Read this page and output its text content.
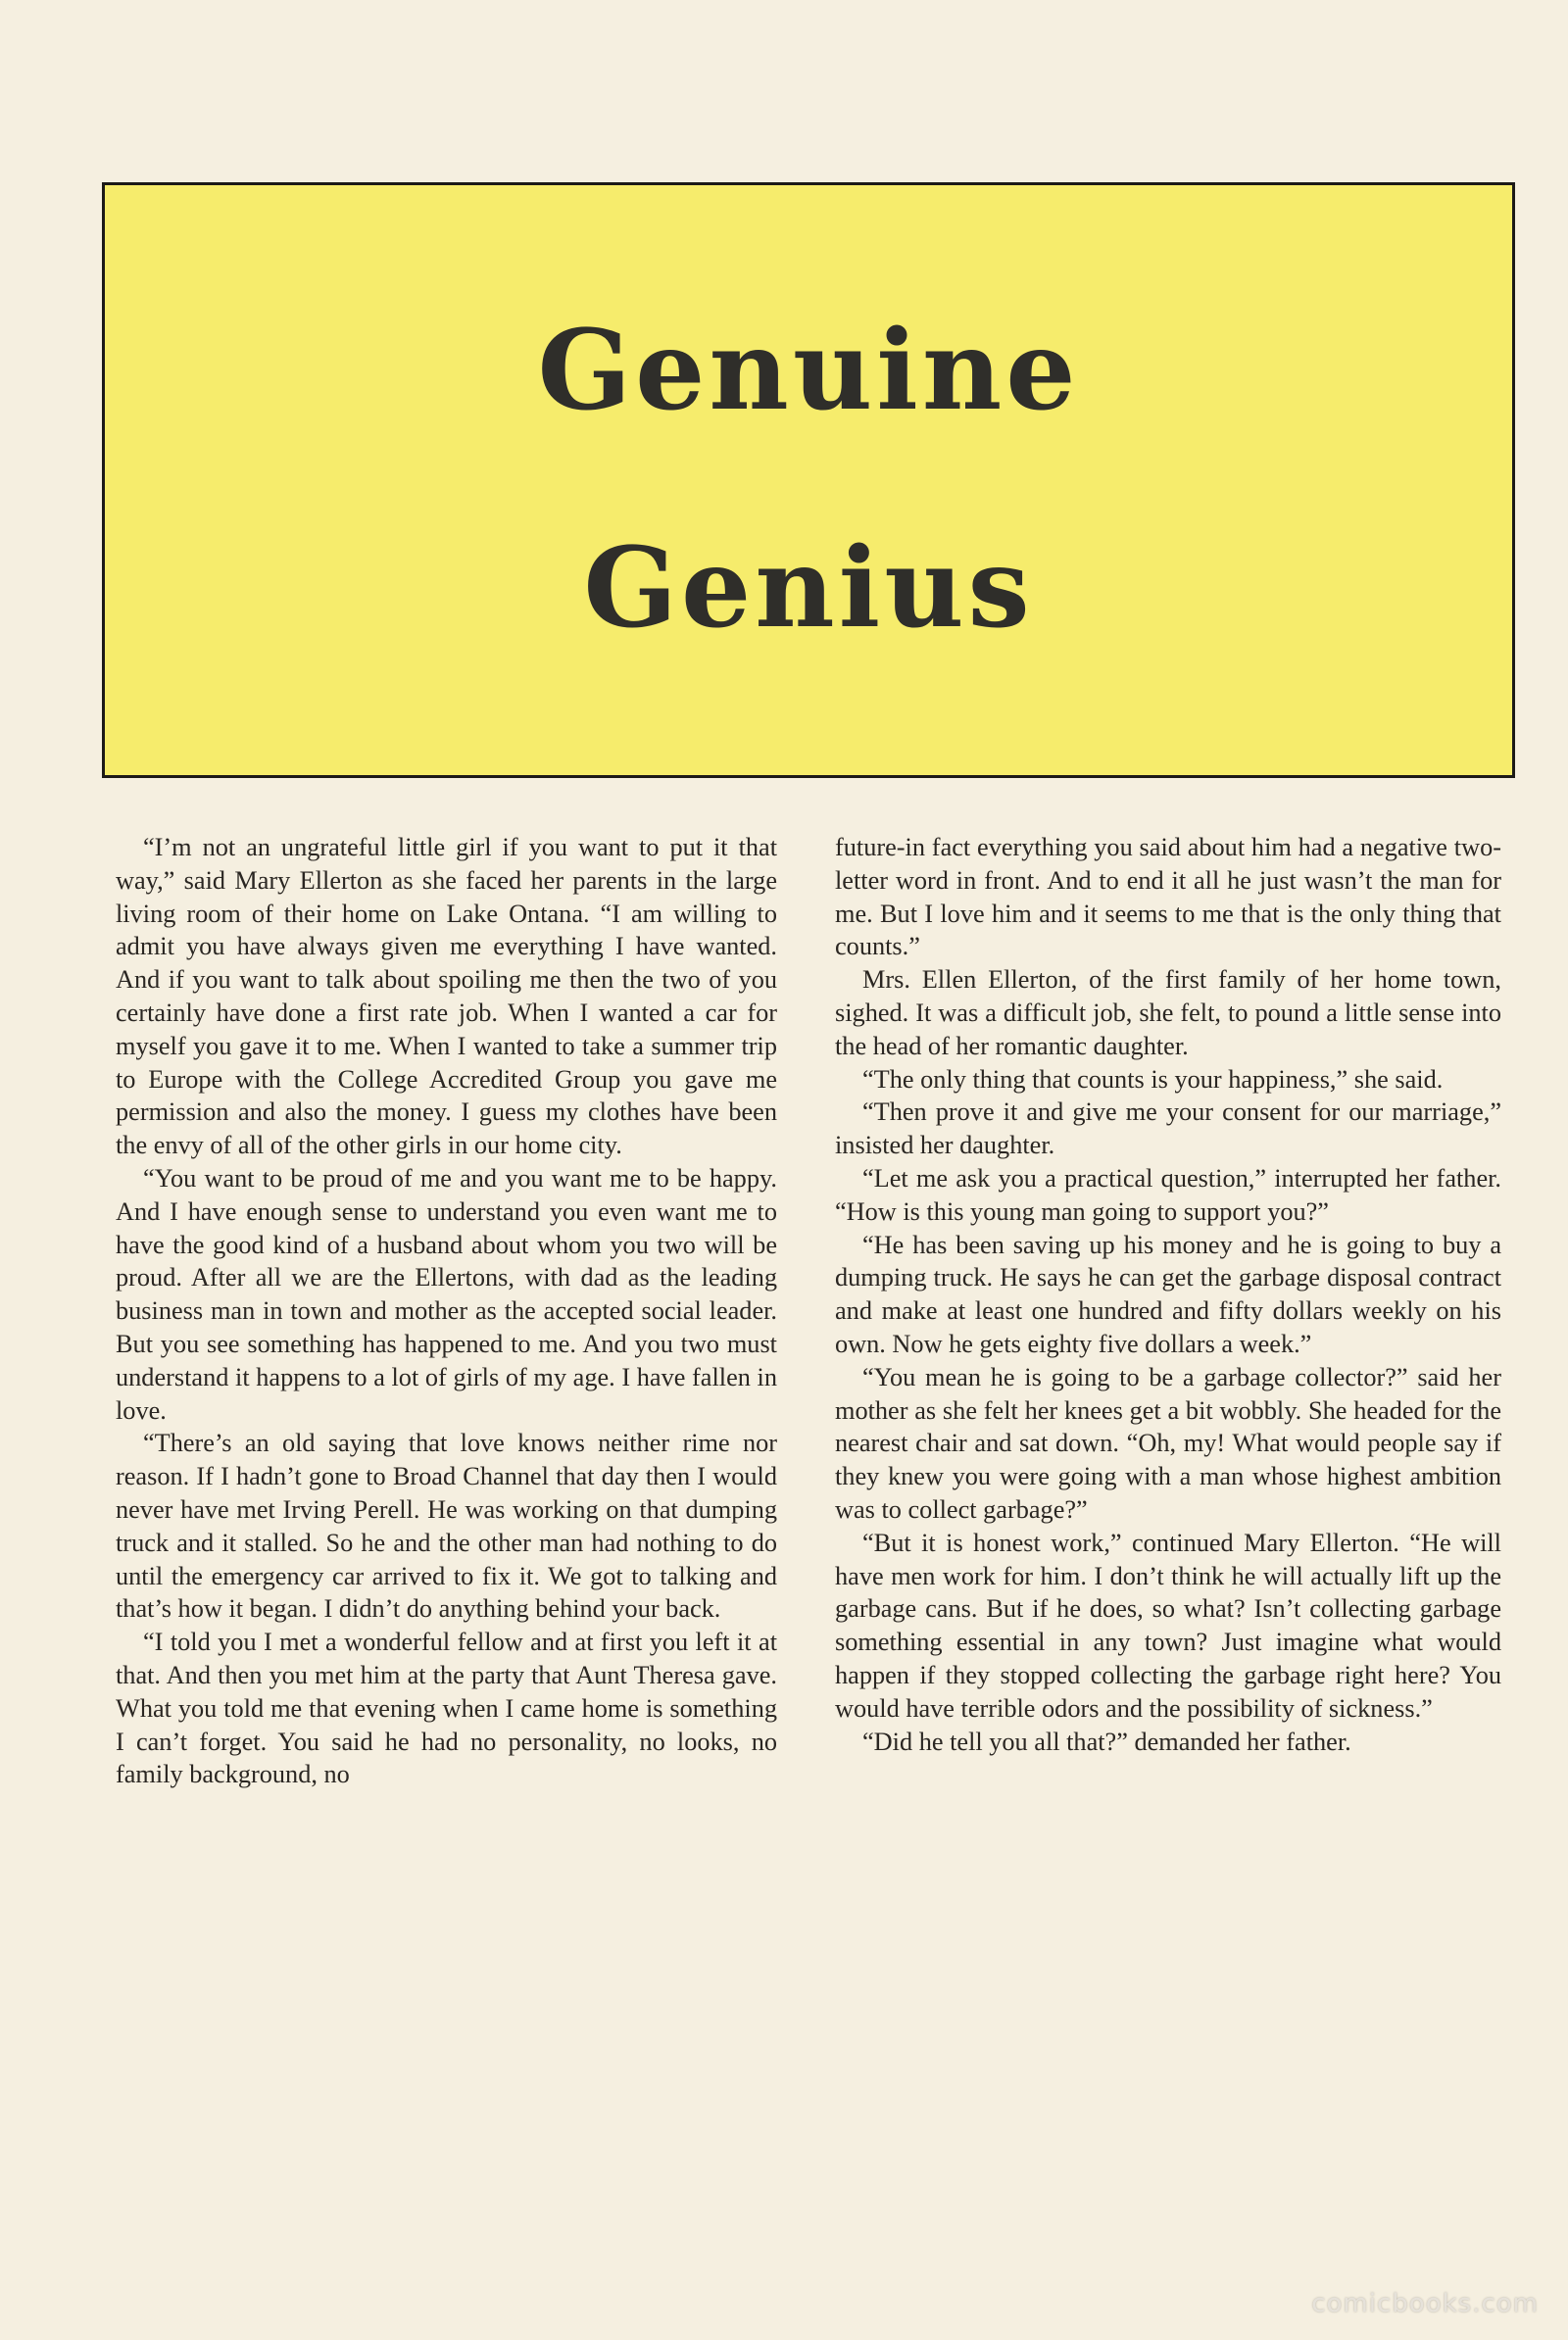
Genuine
Genius

“I’m not an ungrateful little girl if you want to put it that way,” said Mary Ellerton as she faced her parents in the large living room of their home on Lake Ontana. “I am willing to admit you have always given me everything I have wanted. And if you want to talk about spoiling me then the two of you certainly have done a first rate job. When I wanted a car for myself you gave it to me. When I wanted to take a summer trip to Europe with the College Accredited Group you gave me permission and also the money. I guess my clothes have been the envy of all of the other girls in our home city.

“You want to be proud of me and you want me to be happy. And I have enough sense to understand you even want me to have the good kind of a husband about whom you two will be proud. After all we are the Ellertons, with dad as the leading business man in town and mother as the accepted social leader. But you see something has happened to me. And you two must understand it happens to a lot of girls of my age. I have fallen in love.

“There’s an old saying that love knows neither rime nor reason. If I hadn’t gone to Broad Channel that day then I would never have met Irving Perell. He was working on that dumping truck and it stalled. So he and the other man had nothing to do until the emergency car arrived to fix it. We got to talking and that’s how it began. I didn’t do anything behind your back.

“I told you I met a wonderful fellow and at first you left it at that. And then you met him at the party that Aunt Theresa gave. What you told me that evening when I came home is something I can’t forget. You said he had no personality, no looks, no family background, no

future-in fact everything you said about him had a negative two-letter word in front. And to end it all he just wasn’t the man for me. But I love him and it seems to me that is the only thing that counts.”

Mrs. Ellen Ellerton, of the first family of her home town, sighed. It was a difficult job, she felt, to pound a little sense into the head of her romantic daughter.

“The only thing that counts is your happiness,” she said.

“Then prove it and give me your consent for our marriage,” insisted her daughter.

“Let me ask you a practical question,” interrupted her father. “How is this young man going to support you?”

“He has been saving up his money and he is going to buy a dumping truck. He says he can get the garbage disposal contract and make at least one hundred and fifty dollars weekly on his own. Now he gets eighty five dollars a week.”

“You mean he is going to be a garbage collector?” said her mother as she felt her knees get a bit wobbly. She headed for the nearest chair and sat down. “Oh, my! What would people say if they knew you were going with a man whose highest ambition was to collect garbage?”

“But it is honest work,” continued Mary Ellerton. “He will have men work for him. I don’t think he will actually lift up the garbage cans. But if he does, so what? Isn’t collecting garbage something essential in any town? Just imagine what would happen if they stopped collecting the garbage right here? You would have terrible odors and the possibility of sickness.”

“Did he tell you all that?” demanded her father.

comicbooks.com
